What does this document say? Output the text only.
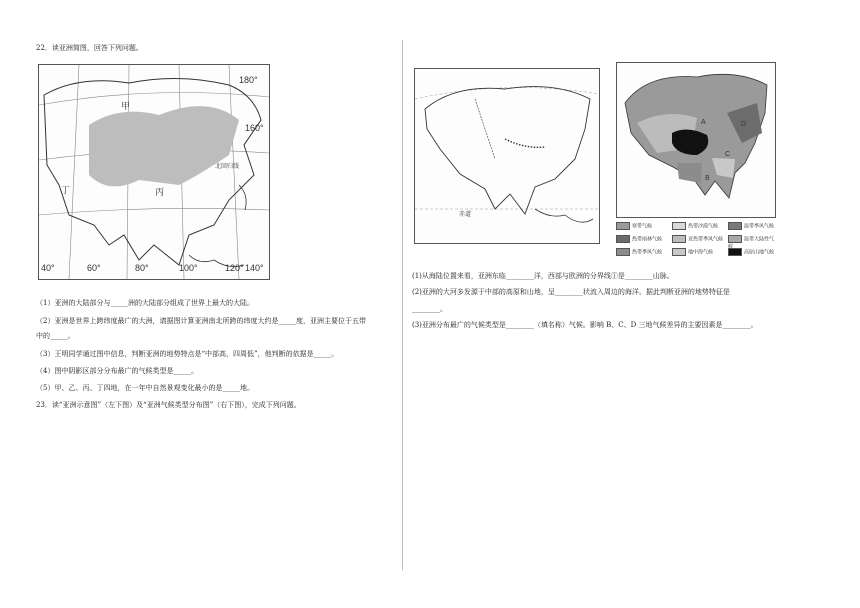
22．读亚洲简图，回答下列问题。
甲
丁	丙
北回归线
180°
160°
40°	60°	80°	100°	120° 140°
（1）亚洲的大陆部分与_____洲的大陆部分组成了世界上最大的大陆。
（2）亚洲是世界上跨纬度最广的大洲，请据图计算亚洲南北所跨的纬度大约是_____度，亚洲主要位于五带
中的_____。
（3）王明同学通过图中信息，判断亚洲的地势特点是“中部高，四周低”，他判断的依据是_____。
（4）图中阴影区部分分布最广的气候类型是_____。
（5）甲、乙、丙、丁四地，在一年中自然景观变化最小的是_____地。
23．读“亚洲示意图”（左下图）及“亚洲气候类型分布图”（右下图），完成下列问题。
赤道
A
B
C
D
寒带气候	热带沙漠气候	温带季风气候
热带雨林气候	亚热带季风气候	温带大陆性气
热带季风气候	地中海气候	高原山地气候
(1)从海陆位置来看，亚洲东临________洋，西部与欧洲的分界线①是________山脉。
(2)亚洲的大河多发源于中部的高原和山地，呈________状流入周边的海洋。据此判断亚洲的地势特征是
________。
(3)亚洲分布最广的气候类型是________（填名称）气候。影响 B、C、D 三地气候差异的主要因素是________。
